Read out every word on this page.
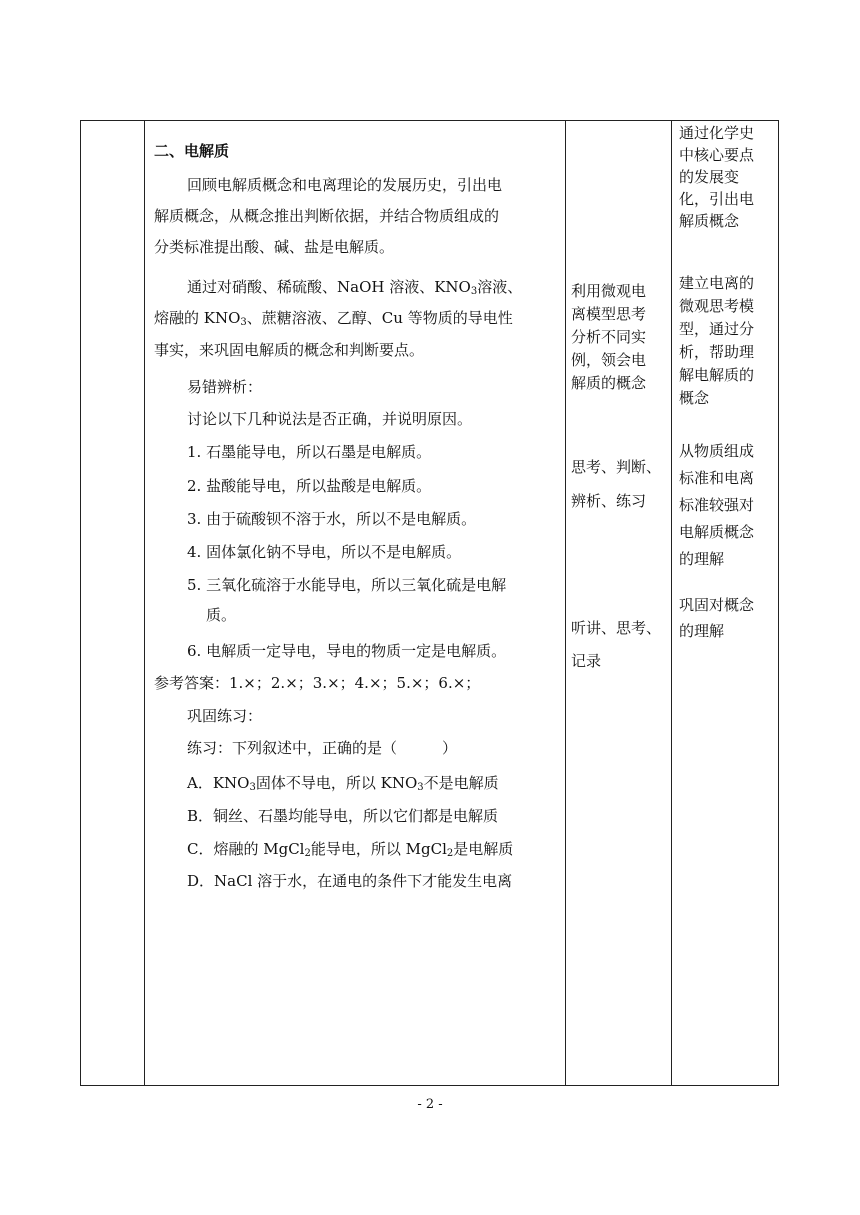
二、电解质
回顾电解质概念和电离理论的发展历史，引出电
解质概念，从概念推出判断依据，并结合物质组成的
分类标准提出酸、碱、盐是电解质。
通过对硝酸、稀硫酸、NaOH 溶液、$KNO_3$溶液、
熔融的 $KNO_3$、蔗糖溶液、乙醇、Cu 等物质的导电性
事实，来巩固电解质的概念和判断要点。
易错辨析：
讨论以下几种说法是否正确，并说明原因。
1. 石墨能导电，所以石墨是电解质。
2. 盐酸能导电，所以盐酸是电解质。
3. 由于硫酸钡不溶于水，所以不是电解质。
4. 固体氯化钠不导电，所以不是电解质。
5. 三氧化硫溶于水能导电，所以三氧化硫是电解
质。
6. 电解质一定导电，导电的物质一定是电解质。
参考答案：1.×；2.×；3.×；4.×；5.×；6.×；
巩固练习：
练习：下列叙述中，正确的是（　　　）
A．$KNO_3$固体不导电，所以 $KNO_3$不是电解质
B．铜丝、石墨均能导电，所以它们都是电解质
C．熔融的 MgCl$_2$能导电，所以 MgCl$_2$是电解质
D．NaCl 溶于水，在通电的条件下才能发生电离
利用微观电
离模型思考
分析不同实
例，领会电
解质的概念
思考、判断、
辨析、练习
听讲、思考、
记录
通过化学史
中核心要点
的发展变
化，引出电
解质概念
建立电离的
微观思考模
型，通过分
析，帮助理
解电解质的
概念
从物质组成
标准和电离
标准较强对
电解质概念
的理解
巩固对概念
的理解
- 2 -
